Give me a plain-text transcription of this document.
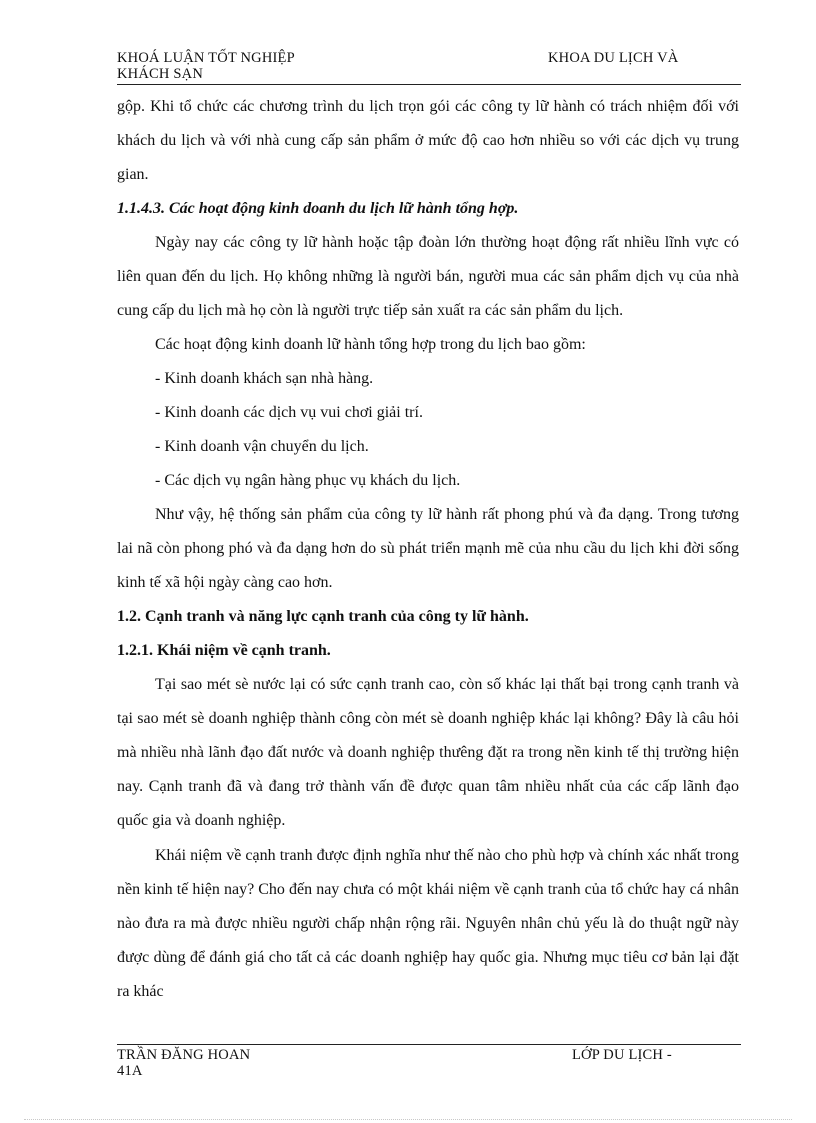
KHOÁ LUẬN TỐT NGHIỆP	KHOA DU LỊCH VÀ
KHÁCH SẠN

gộp. Khi tổ chức các chương trình du lịch trọn gói các công ty lữ hành có trách nhiệm đối với khách du lịch và với nhà cung cấp sản phẩm ở mức độ cao hơn nhiều so với các dịch vụ trung gian.

1.1.4.3. Các hoạt động kinh doanh du lịch lữ hành tổng hợp.

Ngày nay các công ty lữ hành hoặc tập đoàn lớn thường hoạt động rất nhiều lĩnh vực có liên quan đến du lịch. Họ không những là người bán, người mua các sản phẩm dịch vụ của nhà cung cấp du lịch mà họ còn là người trực tiếp sản xuất ra các sản phẩm du lịch.

Các hoạt động kinh doanh lữ hành tổng hợp trong du lịch bao gồm:

- Kinh doanh khách sạn nhà hàng.

- Kinh doanh các dịch vụ vui chơi giải trí.

- Kinh doanh vận chuyển du lịch.

- Các dịch vụ ngân hàng phục vụ khách du lịch.

Như vậy, hệ thống sản phẩm của công ty lữ hành rất phong phú và đa dạng. Trong tương lai nã còn phong phó và đa dạng hơn do sù phát triển mạnh mẽ của nhu cầu du lịch khi đời sống kinh tế xã hội ngày càng cao hơn.

1.2. Cạnh tranh và năng lực cạnh tranh của công ty lữ hành.

1.2.1. Khái niệm về cạnh tranh.

Tại sao mét sè nước lại có sức cạnh tranh cao, còn số khác lại thất bại trong cạnh tranh và tại sao mét sè doanh nghiệp thành công còn mét sè doanh nghiệp khác lại không? Đây là câu hỏi mà nhiều nhà lãnh đạo đất nước và doanh nghiệp thưêng đặt ra trong nền kinh tế thị trường hiện nay. Cạnh tranh đã và đang trở thành vấn đề được quan tâm nhiều nhất của các cấp lãnh đạo quốc gia và doanh nghiệp.

Khái niệm về cạnh tranh được định nghĩa như thế nào cho phù hợp và chính xác nhất trong nền kinh tế hiện nay? Cho đến nay chưa có một khái niệm về cạnh tranh của tổ chức hay cá nhân nào đưa ra mà được nhiều người chấp nhận rộng rãi. Nguyên nhân chủ yếu là do thuật ngữ này được dùng để đánh giá cho tất cả các doanh nghiệp hay quốc gia. Nhưng mục tiêu cơ bản lại đặt ra khác

TRẦN ĐĂNG HOAN	LỚP DU LỊCH -
41A
